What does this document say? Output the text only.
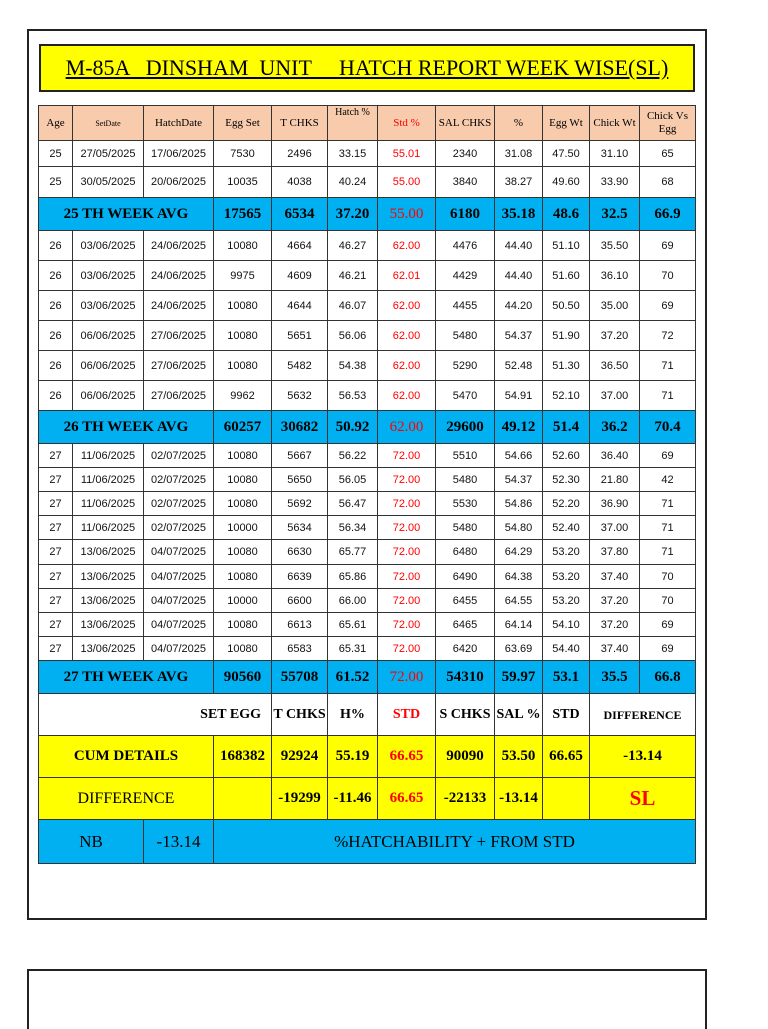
M-85A   DINSHAM  UNIT     HATCH REPORT WEEK WISE(SL)
Age	SetDate	HatchDate	Egg Set	T CHKS	Hatch %	Std %	SAL CHKS	%	Egg Wt	Chick Wt	Chick Vs Egg
25	27/05/2025	17/06/2025	7530	2496	33.15	55.01	2340	31.08	47.50	31.10	65
25	30/05/2025	20/06/2025	10035	4038	40.24	55.00	3840	38.27	49.60	33.90	68
25 TH WEEK AVG			17565	6534	37.20	55.00	6180	35.18	48.6	32.5	66.9
26	03/06/2025	24/06/2025	10080	4664	46.27	62.00	4476	44.40	51.10	35.50	69
26	03/06/2025	24/06/2025	9975	4609	46.21	62.01	4429	44.40	51.60	36.10	70
26	03/06/2025	24/06/2025	10080	4644	46.07	62.00	4455	44.20	50.50	35.00	69
26	06/06/2025	27/06/2025	10080	5651	56.06	62.00	5480	54.37	51.90	37.20	72
26	06/06/2025	27/06/2025	10080	5482	54.38	62.00	5290	52.48	51.30	36.50	71
26	06/06/2025	27/06/2025	9962	5632	56.53	62.00	5470	54.91	52.10	37.00	71
26 TH WEEK AVG			60257	30682	50.92	62.00	29600	49.12	51.4	36.2	70.4
27	11/06/2025	02/07/2025	10080	5667	56.22	72.00	5510	54.66	52.60	36.40	69
27	11/06/2025	02/07/2025	10080	5650	56.05	72.00	5480	54.37	52.30	21.80	42
27	11/06/2025	02/07/2025	10080	5692	56.47	72.00	5530	54.86	52.20	36.90	71
27	11/06/2025	02/07/2025	10000	5634	56.34	72.00	5480	54.80	52.40	37.00	71
27	13/06/2025	04/07/2025	10080	6630	65.77	72.00	6480	64.29	53.20	37.80	71
27	13/06/2025	04/07/2025	10080	6639	65.86	72.00	6490	64.38	53.20	37.40	70
27	13/06/2025	04/07/2025	10000	6600	66.00	72.00	6455	64.55	53.20	37.20	70
27	13/06/2025	04/07/2025	10080	6613	65.61	72.00	6465	64.14	54.10	37.20	69
27	13/06/2025	04/07/2025	10080	6583	65.31	72.00	6420	63.69	54.40	37.40	69
27 TH WEEK AVG			90560	55708	61.52	72.00	54310	59.97	53.1	35.5	66.8
SET EGG				T CHKS	H%	STD	S CHKS	SAL %	STD	DIFFERENCE	
CUM DETAILS			168382	92924	55.19	66.65	90090	53.50	66.65	-13.14	
DIFFERENCE				-19299	-11.46	66.65	-22133	-13.14		SL	
NB		-13.14	%HATCHABILITY + FROM STD								
